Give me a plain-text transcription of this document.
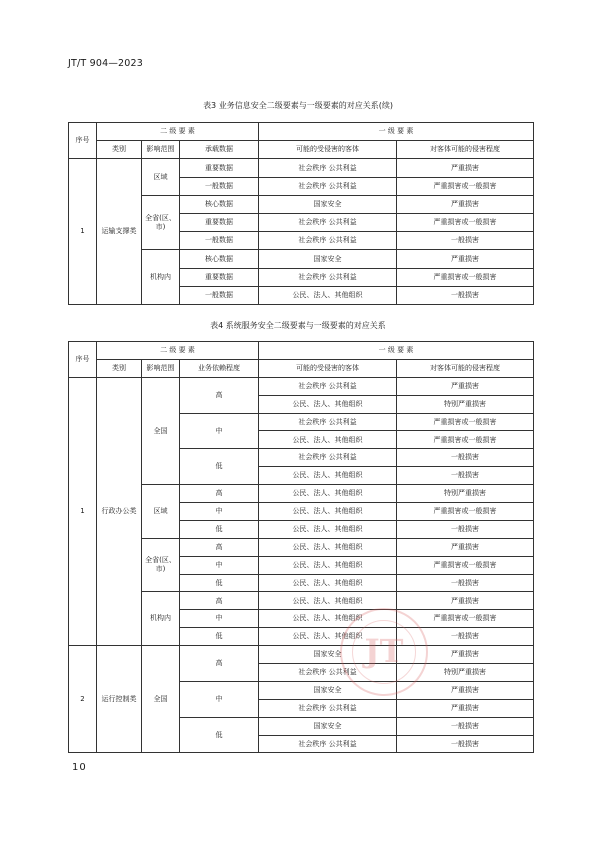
JT/T 904—2023
表3 业务信息安全二级要素与一级要素的对应关系(续)
序号	二 级 要 素			一 级 要 素	
	类别	影响范围	承载数据	可能的受侵害的客体	对客体可能的侵害程度
1	运输支撑类	区域	重要数据	社会秩序 公共利益	严重损害
			一般数据	社会秩序 公共利益	严重损害或一般损害
		全省(区、市)	核心数据	国家安全	严重损害
			重要数据	社会秩序 公共利益	严重损害或一般损害
			一般数据	社会秩序 公共利益	一般损害
		机构内	核心数据	国家安全	严重损害
			重要数据	社会秩序 公共利益	严重损害或一般损害
			一般数据	公民、法人、其他组织	一般损害
表4 系统服务安全二级要素与一级要素的对应关系
序号	二 级 要 素			一 级 要 素	
	类别	影响范围	业务依赖程度	可能的受侵害的客体	对客体可能的侵害程度
1	行政办公类	全国	高	社会秩序 公共利益	严重损害
				公民、法人、其他组织	特别严重损害
			中	社会秩序 公共利益	严重损害或一般损害
				公民、法人、其他组织	严重损害或一般损害
			低	社会秩序 公共利益	一般损害
				公民、法人、其他组织	一般损害
		区域	高	公民、法人、其他组织	特别严重损害
			中	公民、法人、其他组织	严重损害或一般损害
			低	公民、法人、其他组织	一般损害
		全省(区、市)	高	公民、法人、其他组织	严重损害
			中	公民、法人、其他组织	严重损害或一般损害
			低	公民、法人、其他组织	一般损害
		机构内	高	公民、法人、其他组织	严重损害
			中	公民、法人、其他组织	严重损害或一般损害
			低	公民、法人、其他组织	一般损害
2	运行控制类	全国	高	国家安全	严重损害
				社会秩序 公共利益	特别严重损害
			中	国家安全	严重损害
				社会秩序 公共利益	严重损害
			低	国家安全	一般损害
				社会秩序 公共利益	一般损害
JT
10
